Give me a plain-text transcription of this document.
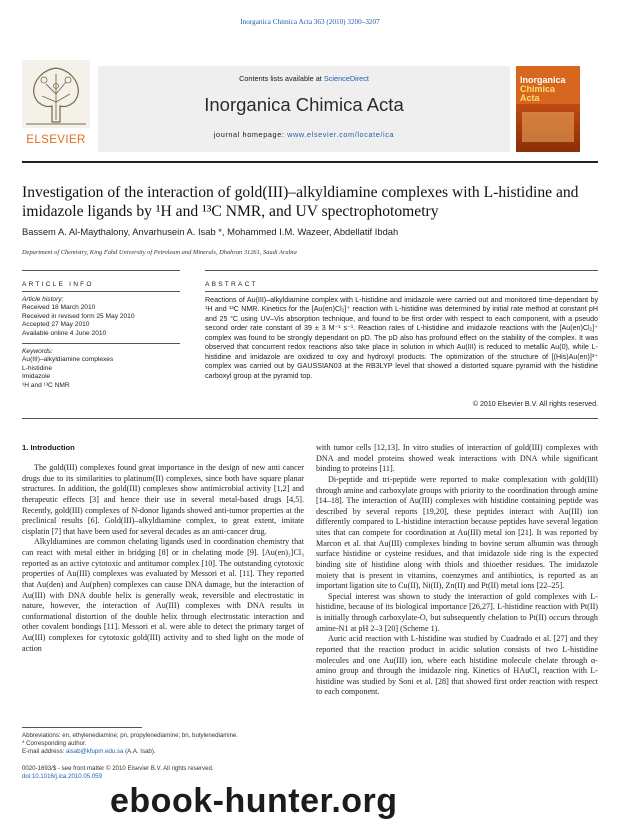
Inorganica Chimica Acta 363 (2010) 3200–3207
ELSEVIER
Contents lists available at ScienceDirect
Inorganica Chimica Acta
journal homepage: www.elsevier.com/locate/ica
Inorganica
Chimica Acta
Investigation of the interaction of gold(III)–alkyldiamine complexes with L-histidine and imidazole ligands by ¹H and ¹³C NMR, and UV spectrophotometry
Bassem A. Al-Maythalony, Anvarhusein A. Isab *, Mohammed I.M. Wazeer, Abdellatif Ibdah
Department of Chemistry, King Fahd University of Petroleum and Minerals, Dhahran 31261, Saudi Arabia
ARTICLE INFO	ABSTRACT
Article history:
Received 18 March 2010
Received in revised form 25 May 2010
Accepted 27 May 2010
Available online 4 June 2010
Keywords:
Au(III)–alkyldiamine complexes
L-histidine
Imidazole
¹H and ¹³C NMR
Reactions of Au(III)–alkyldiamine complex with L-histidine and imidazole were carried out and monitored time-dependant by ¹H and ¹³C NMR. Kinetics for the [Au(en)Cl₂]⁺ reaction with L-histidine was determined by initial rate method at constant pH and 25 °C using UV–Vis absorption technique, and found to be first order with respect to each component, with a pseudo second order rate constant of 39 ± 3 M⁻¹ s⁻¹. Reaction rates of L-histidine and imidazole reactions with the [Au(en)Cl₂]⁺ complex was found to be strongly dependant on pD. The pD also has profound effect on the stability of the complex. It was observed that concurrent redox reactions also take place in solution in which Au(III) is reduced to metallic Au(0), while L-histidine and imidazole are oxidized to oxy and hydroxyl products. The optimization of the structure of [(His)Au(en)]³⁺ complex was carried out by GAUSSIAN03 at the RB3LYP level that showed a distorted square pyramid with the histidine carboxyl group at the pyramid top.
© 2010 Elsevier B.V. All rights reserved.
1. Introduction

The gold(III) complexes found great importance in the design of new anti cancer drugs due to its similarities to platinum(II) complexes, since both have square planar structures. In addition, the gold(III) complexes show antimicrobial activity [1,2] and therapeutic effects [3] and hence their use in several metal-based drugs [4,5]. Recently, gold(III) complexes of N-donor ligands showed anti-tumor properties at the preclinical results [6]. Gold(III)–alkyldiamine complex, to great extent, imitate cisplatin [7] that have been used for several decades as an anti-cancer drug.

Alkyldiamines are common chelating ligands used in coordination chemistry that can react with metal either in bridging [8] or in chelating mode [9]. [Au(en)₂]Cl₃ reported as an active cytotoxic and antitumor complex [10]. The outstanding cytotoxic properties of Au(III) complexes was evaluated by Messori et al. [11]. They reported that Au(den) and Au(phen) complexes can cause DNA damage, but the interaction of Au(III) with DNA double helix is generally weak, reversible and electrostatic in nature, however, the interaction of Au(III) complexes with DNA results in conformational distortion of the double helix through electrostatic interaction and other covalent bondings [11]. Messori et al. were able to detect the primary target of Au(III) complexes for cytotoxic gold(III) activity and to shed light on the mode of action

with tumor cells [12,13]. In vitro studies of interaction of gold(III) complexes with DNA and model proteins showed weak interactions with DNA while significant binding to proteins [11].

Di-peptide and tri-peptide were reported to make complexation with gold(III) through amine and carboxylate groups with priority to the coordination through amine [14–18]. The interaction of Au(III) complexes with histidine containing peptide was described by several reports [19,20], these peptides interact with Au(III) ion differently compared to L-histidine interaction because peptides have several legation sites that can compete for coordination at Au(III) metal ion [21]. It was reported by Marcon et al. that Au(III) complexes binding to bovine serum albumin was through surface histidine or cysteine residues, and that imidazole side ring is the expected binding site of histidine along with thiols and thioether residues. The imidazole moiety that is present in vitamins, coenzymes and antibiotics, is reported as an important ligation site to Cu(II), Ni(II), Zn(II) and Pt(II) metal ions [22–25].

Special interest was shown to study the interaction of gold complexes with L-histidine, because of its biological importance [26,27]. L-histidine reaction with Pt(II) is initially through carboxylate-O, but subsequently chelation to Pt(II) occurs through amine-N1 at pH 2–3 [20] (Scheme 1).

Auric acid reaction with L-histidine was studied by Cuadrado et al. [27] and they reported that the reaction product in acidic solution consists of two L-histidine molecules and one Au(III) ion, where each histidine molecule chelate through α-amino group and through the imidazole ring. Kinetics of HAuCl₄ reaction with L-histidine was studied by Soni et al. [28] that showed first order reaction with respect to each component.

Abbreviations: en, ethylenediamine; pn, propylenediamine; bn, butylenediamine.
* Corresponding author.
E-mail address: aisab@kfupm.edu.sa (A.A. Isab).
0020-1693/$ - see front matter © 2010 Elsevier B.V. All rights reserved.
doi:10.1016/j.ica.2010.05.059
ebook-hunter.org
